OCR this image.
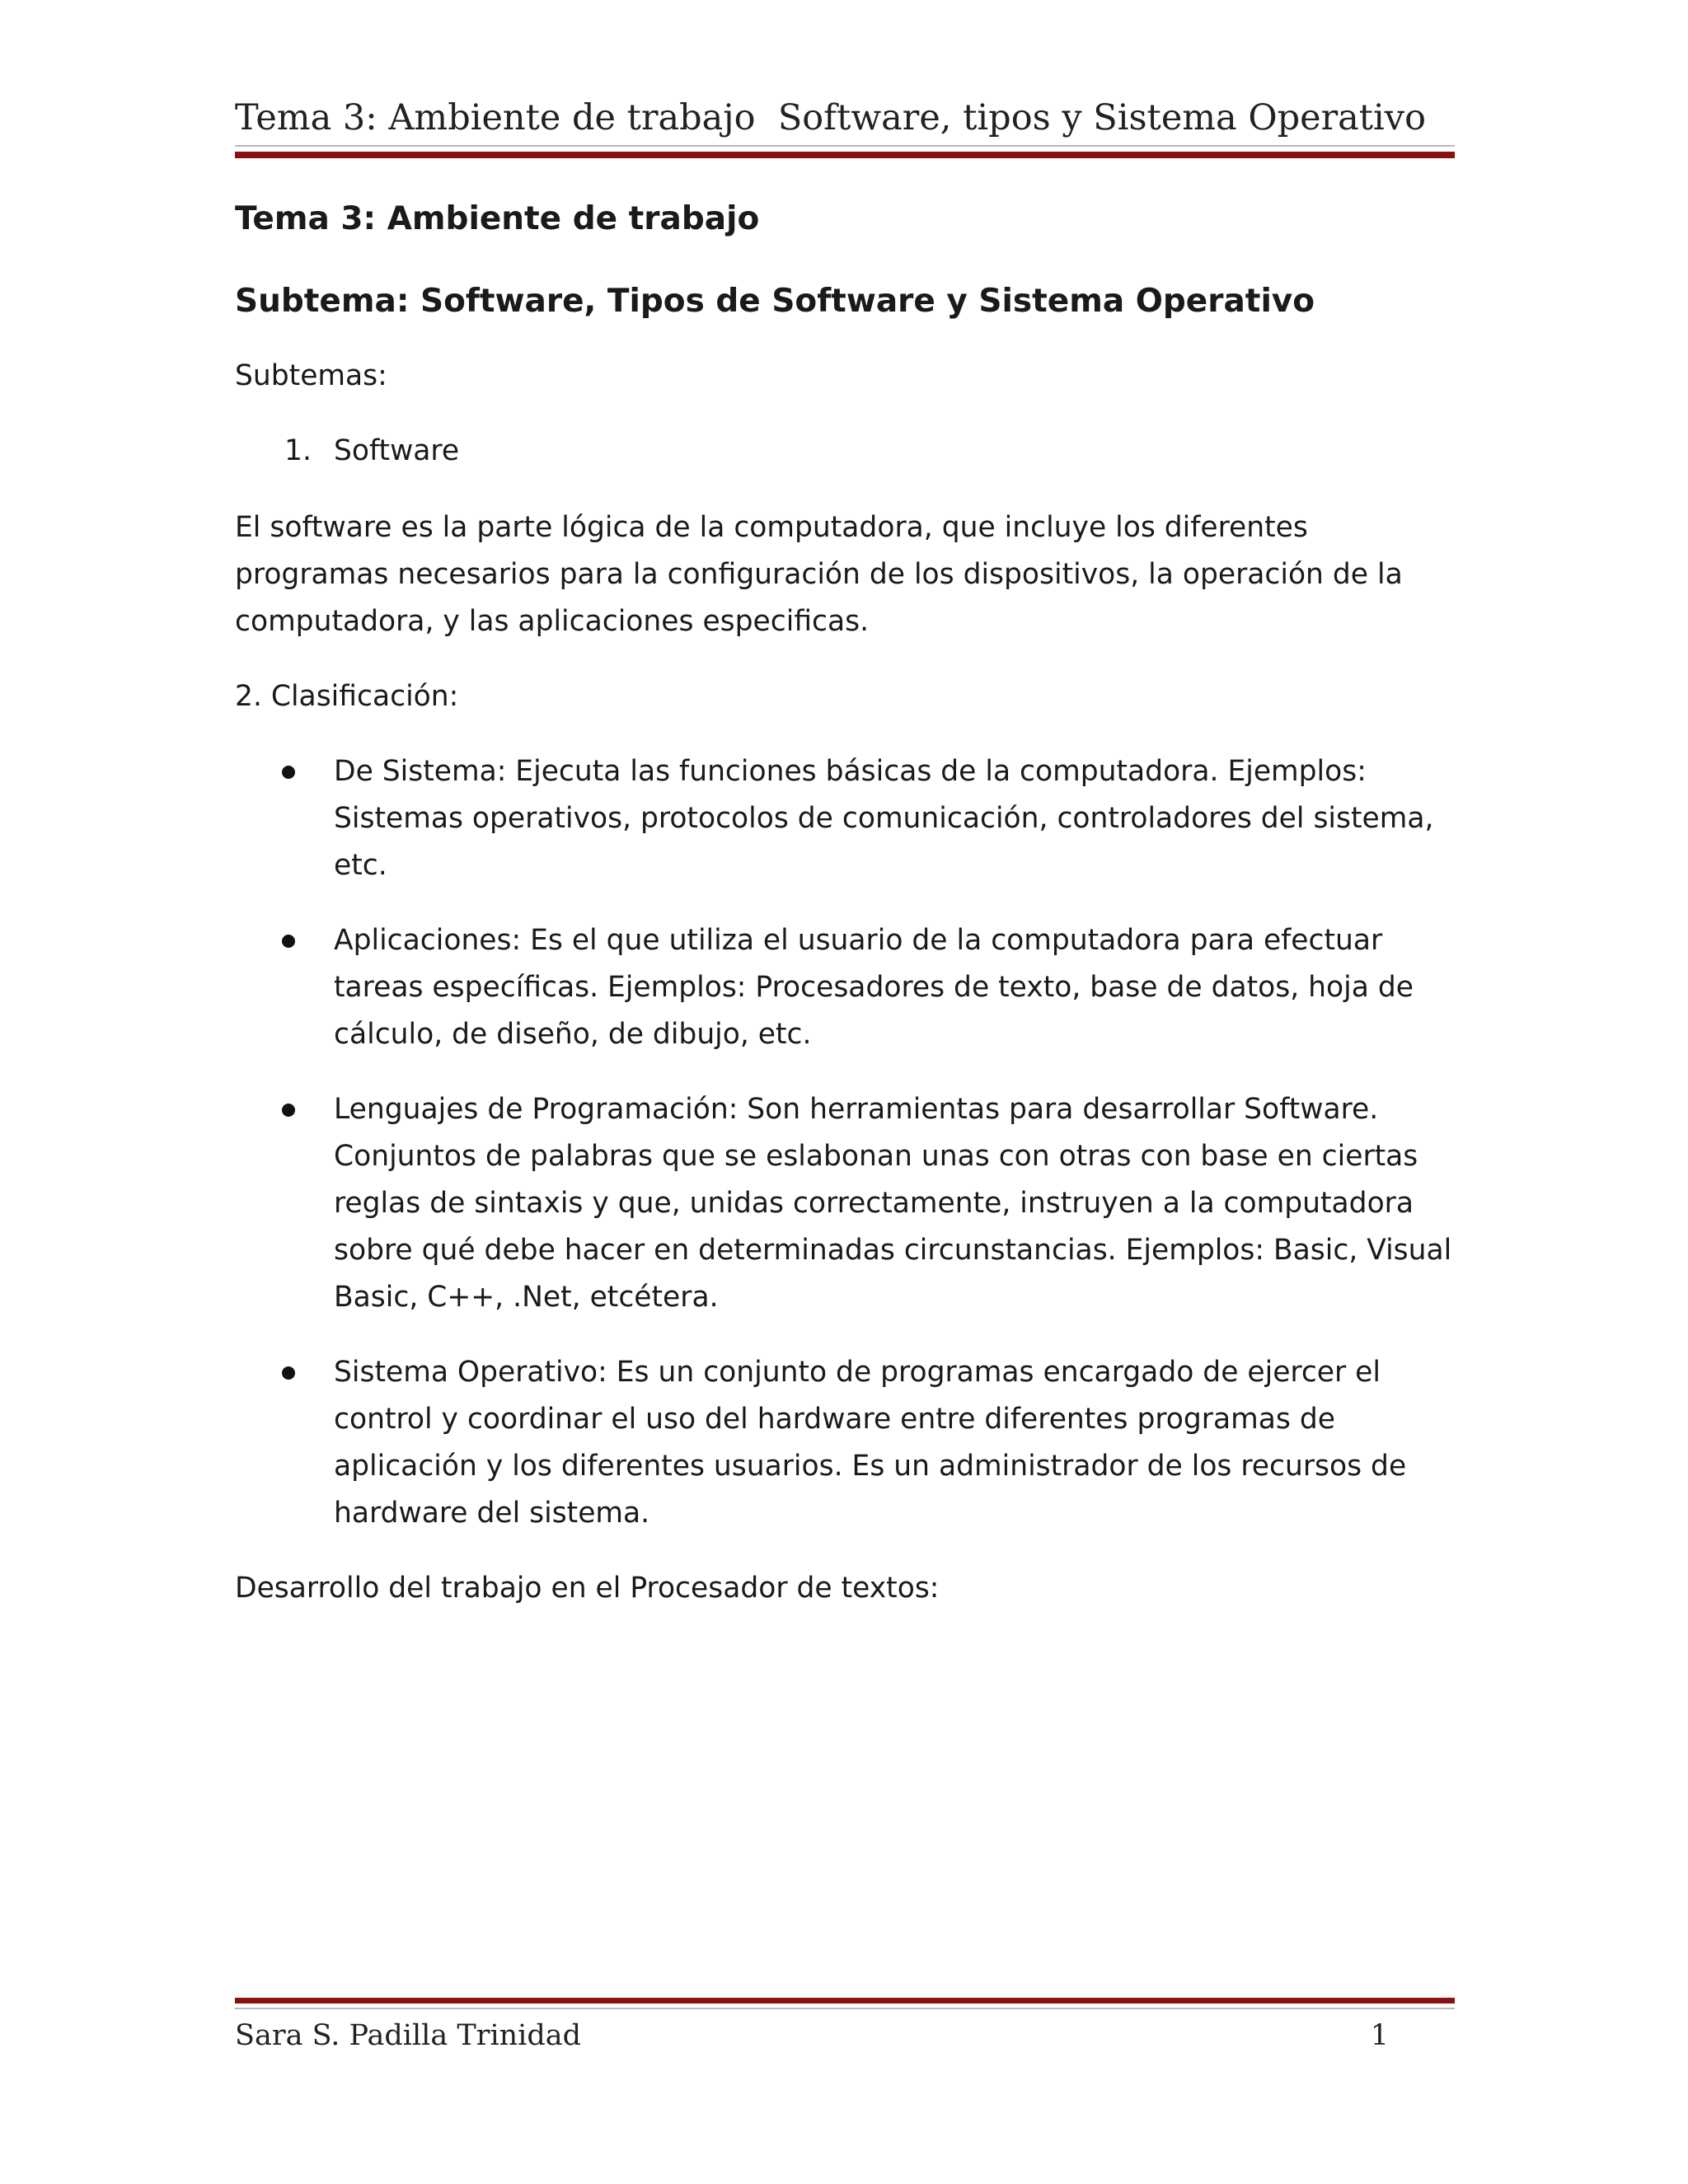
Tema 3: Ambiente de trabajo Software, tipos y Sistema Operativo
Tema 3: Ambiente de trabajo
Subtema: Software, Tipos de Software y Sistema Operativo

Subtemas:

1. Software

El software es la parte lógica de la computadora, que incluye los diferentes programas necesarios para la configuración de los dispositivos, la operación de la computadora, y las aplicaciones especificas.

2. Clasificación:

De Sistema: Ejecuta las funciones básicas de la computadora. Ejemplos: Sistemas operativos, protocolos de comunicación, controladores del sistema, etc.
Aplicaciones: Es el que utiliza el usuario de la computadora para efectuar tareas específicas. Ejemplos: Procesadores de texto, base de datos, hoja de cálculo, de diseño, de dibujo, etc.
Lenguajes de Programación: Son herramientas para desarrollar Software. Conjuntos de palabras que se eslabonan unas con otras con base en ciertas reglas de sintaxis y que, unidas correctamente, instruyen a la computadora sobre qué debe hacer en determinadas circunstancias. Ejemplos: Basic, Visual Basic, C++, .Net, etcétera.
Sistema Operativo: Es un conjunto de programas encargado de ejercer el control y coordinar el uso del hardware entre diferentes programas de aplicación y los diferentes usuarios. Es un administrador de los recursos de hardware del sistema.

Desarrollo del trabajo en el Procesador de textos:

Sara S. Padilla Trinidad	1
